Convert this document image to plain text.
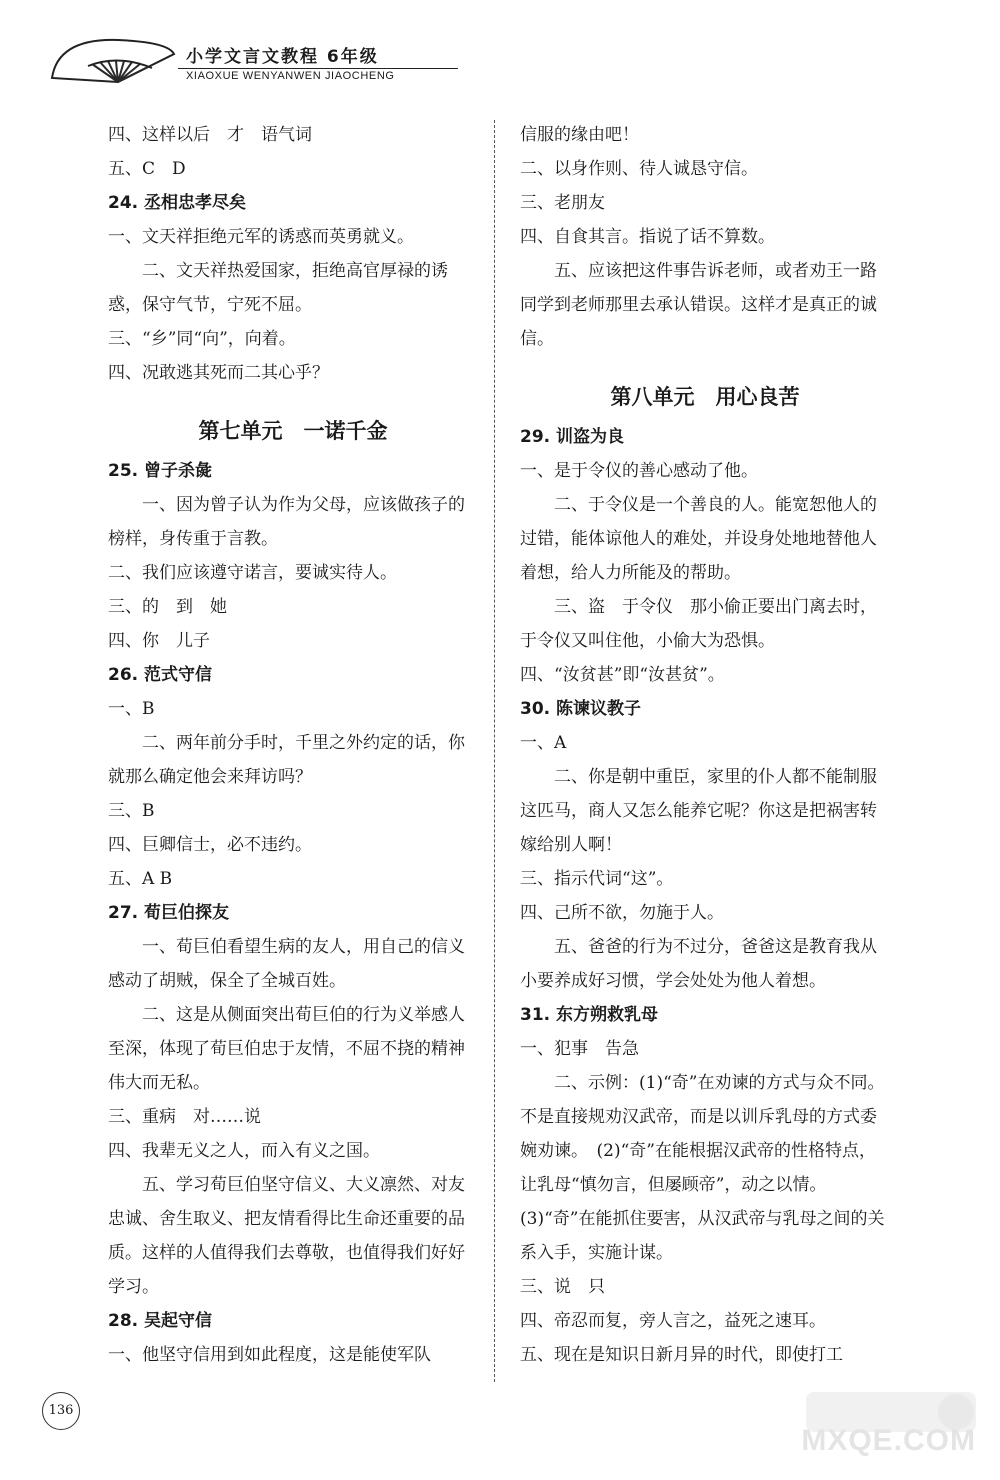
小学文言文教程 6年级
XIAOXUE WENYANWEN JIAOCHENG

四、这样以后　才　语气词

五、C　D

24. 丞相忠孝尽矣

一、文天祥拒绝元军的诱惑而英勇就义。

二、文天祥热爱国家，拒绝高官厚禄的诱惑，保守气节，宁死不屈。

三、“乡”同“向”，向着。

四、况敢逃其死而二其心乎？

第七单元　一诺千金

25. 曾子杀彘

一、因为曾子认为作为父母，应该做孩子的榜样，身传重于言教。

二、我们应该遵守诺言，要诚实待人。

三、的　到　她

四、你　儿子

26. 范式守信

一、B

二、两年前分手时，千里之外约定的话，你就那么确定他会来拜访吗？

三、B

四、巨卿信士，必不违约。

五、A B

27. 荀巨伯探友

一、荀巨伯看望生病的友人，用自己的信义感动了胡贼，保全了全城百姓。

二、这是从侧面突出荀巨伯的行为义举感人至深，体现了荀巨伯忠于友情，不屈不挠的精神伟大而无私。

三、重病　对……说

四、我辈无义之人，而入有义之国。

五、学习荀巨伯坚守信义、大义凛然、对友忠诚、舍生取义、把友情看得比生命还重要的品质。这样的人值得我们去尊敬，也值得我们好好学习。

28. 吴起守信

一、他坚守信用到如此程度，这是能使军队

信服的缘由吧！

二、以身作则、待人诚恳守信。

三、老朋友

四、自食其言。指说了话不算数。

五、应该把这件事告诉老师，或者劝王一路同学到老师那里去承认错误。这样才是真正的诚信。

第八单元　用心良苦

29. 训盗为良

一、是于令仪的善心感动了他。

二、于令仪是一个善良的人。能宽恕他人的过错，能体谅他人的难处，并设身处地地替他人着想，给人力所能及的帮助。

三、盗　于令仪　那小偷正要出门离去时，于令仪又叫住他，小偷大为恐惧。

四、“汝贫甚”即“汝甚贫”。

30. 陈谏议教子

一、A

二、你是朝中重臣，家里的仆人都不能制服这匹马，商人又怎么能养它呢？你这是把祸害转嫁给别人啊！

三、指示代词“这”。

四、己所不欲，勿施于人。

五、爸爸的行为不过分，爸爸这是教育我从小要养成好习惯，学会处处为他人着想。

31. 东方朔救乳母

一、犯事　告急

二、示例：(1)“奇”在劝谏的方式与众不同。不是直接规劝汉武帝，而是以训斥乳母的方式委婉劝谏。　(2)“奇”在能根据汉武帝的性格特点，让乳母“慎勿言，但屡顾帝”，动之以情。(3)“奇”在能抓住要害，从汉武帝与乳母之间的关系入手，实施计谋。

三、说　只

四、帝忍而复，旁人言之，益死之速耳。

五、现在是知识日新月异的时代，即使打工

136
MXQE.COM
